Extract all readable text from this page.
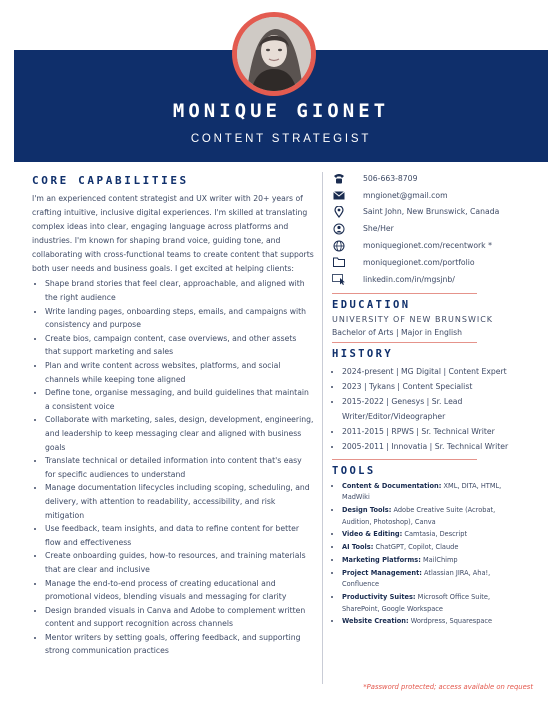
MONIQUE GIONET
CONTENT STRATEGIST
CORE CAPABILITIES
I'm an experienced content strategist and UX writer with 20+ years of crafting intuitive, inclusive digital experiences. I'm skilled at translating complex ideas into clear, engaging language across platforms and industries. I'm known for shaping brand voice, guiding tone, and collaborating with cross-functional teams to create content that supports both user needs and business goals. I get excited at helping clients:
• Shape brand stories that feel clear, approachable, and aligned with the right audience
• Write landing pages, onboarding steps, emails, and campaigns with consistency and purpose
• Create bios, campaign content, case overviews, and other assets that support marketing and sales
• Plan and write content across websites, platforms, and social channels while keeping tone aligned
• Define tone, organise messaging, and build guidelines that maintain a consistent voice
• Collaborate with marketing, sales, design, development, engineering, and leadership to keep messaging clear and aligned with business goals
• Translate technical or detailed information into content that's easy for specific audiences to understand
• Manage documentation lifecycles including scoping, scheduling, and delivery, with attention to readability, accessibility, and risk mitigation
• Use feedback, team insights, and data to refine content for better flow and effectiveness
• Create onboarding guides, how-to resources, and training materials that are clear and inclusive
• Manage the end-to-end process of creating educational and promotional videos, blending visuals and messaging for clarity
• Design branded visuals in Canva and Adobe to complement written content and support recognition across channels
• Mentor writers by setting goals, offering feedback, and supporting strong communication practices
506-663-8709
mngionet@gmail.com
Saint John, New Brunswick, Canada
She/Her
moniquegionet.com/recentwork *
moniquegionet.com/portfolio
linkedin.com/in/mgsjnb/
EDUCATION
UNIVERSITY OF NEW BRUNSWICK
Bachelor of Arts | Major in English
HISTORY
• 2024-present | MG Digital | Content Expert
• 2023 | Tykans | Content Specialist
• 2015-2022 | Genesys | Sr. Lead Writer/Editor/Videographer
• 2011-2015 | RPWS | Sr. Technical Writer
• 2005-2011 | Innovatia | Sr. Technical Writer
TOOLS
• Content & Documentation: XML, DITA, HTML, MadWiki
• Design Tools: Adobe Creative Suite (Acrobat, Audition, Photoshop), Canva
• Video & Editing: Camtasia, Descript
• AI Tools: ChatGPT, Copilot, Claude
• Marketing Platforms: MailChimp
• Project Management: Atlassian JIRA, Aha!, Confluence
• Productivity Suites: Microsoft Office Suite, SharePoint, Google Workspace
• Website Creation: Wordpress, Squarespace
*Password protected; access available on request
